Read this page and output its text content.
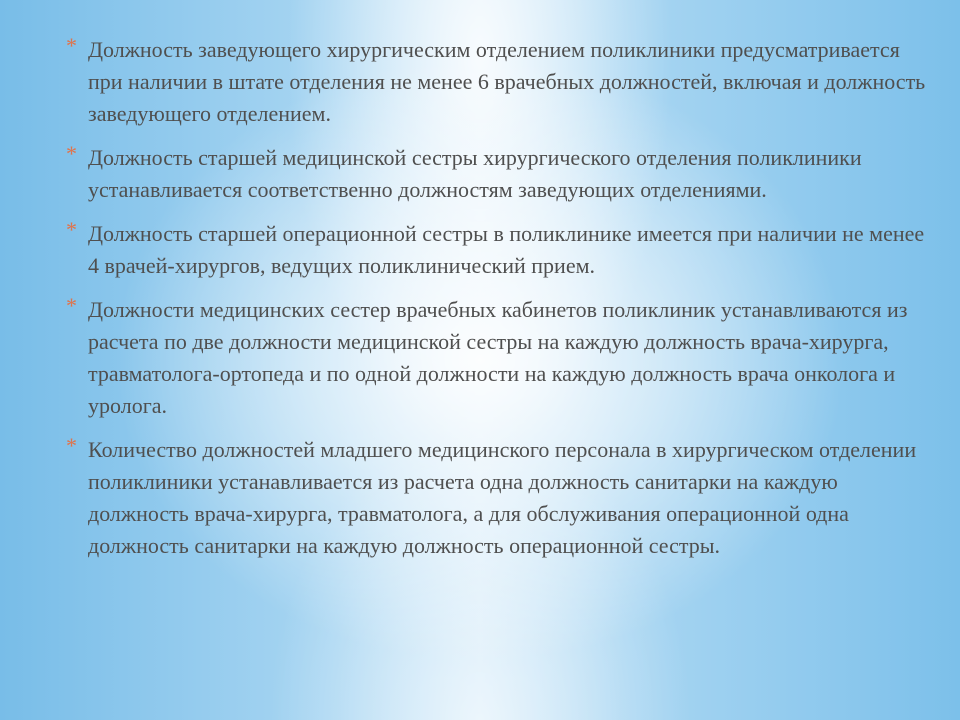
* Должность заведующего хирургическим отделением поликлиники предусматривается при наличии в штате отделения не менее 6 врачебных должностей, включая и должность заведующего отделением.
* Должность старшей медицинской сестры хирургического отделения поликлиники устанавливается соответственно должностям заведующих отделениями.
* Должность старшей операционной сестры в поликлинике имеется при наличии не менее 4 врачей-хирургов, ведущих поликлинический прием.
* Должности медицинских сестер врачебных кабинетов поликлиник устанавливаются из расчета по две должности медицинской сестры на каждую должность врача-хирурга, травматолога-ортопеда и по одной должности на каждую должность врача онколога и уролога.
* Количество должностей младшего медицинского персонала в хирургическом отделении поликлиники устанавливается из расчета одна должность санитарки на каждую должность врача-хирурга, травматолога, а для обслуживания операционной одна должность санитарки на каждую должность операционной сестры.
